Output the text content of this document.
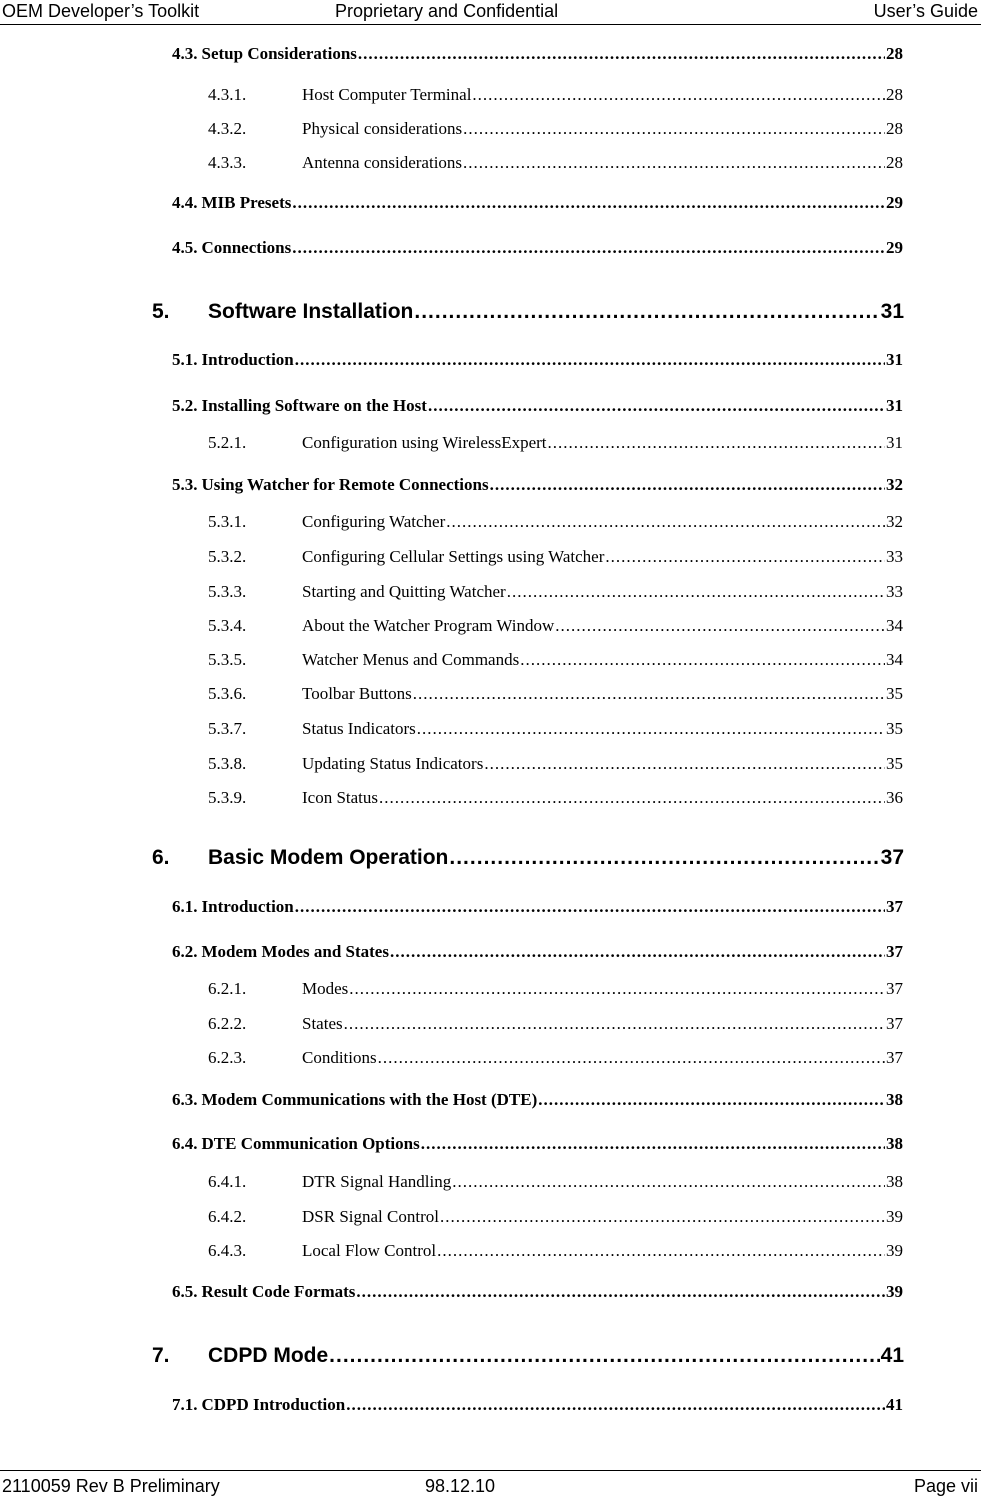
OEM Developer’s Toolkit	Proprietary and Confidential	User’s Guide
4.3. Setup Considerations .....	28
4.3.1.	Host Computer Terminal .....	28
4.3.2.	Physical considerations .....	28
4.3.3.	Antenna considerations .....	28
4.4. MIB Presets .....	29
4.5. Connections .....	29
5.	Software Installation .....	31
5.1. Introduction .....	31
5.2. Installing Software on the Host .....	31
5.2.1.	Configuration using WirelessExpert .....	31
5.3. Using Watcher for Remote Connections .....	32
5.3.1.	Configuring Watcher .....	32
5.3.2.	Configuring Cellular Settings using Watcher .....	33
5.3.3.	Starting and Quitting Watcher .....	33
5.3.4.	About the Watcher Program Window .....	34
5.3.5.	Watcher Menus and Commands .....	34
5.3.6.	Toolbar Buttons .....	35
5.3.7.	Status Indicators .....	35
5.3.8.	Updating Status Indicators .....	35
5.3.9.	Icon Status .....	36
6.	Basic Modem Operation .....	37
6.1. Introduction .....	37
6.2. Modem Modes and States .....	37
6.2.1.	Modes .....	37
6.2.2.	States .....	37
6.2.3.	Conditions .....	37
6.3. Modem Communications with the Host (DTE) .....	38
6.4. DTE Communication Options .....	38
6.4.1.	DTR Signal Handling .....	38
6.4.2.	DSR Signal Control .....	39
6.4.3.	Local Flow Control .....	39
6.5. Result Code Formats .....	39
7.	CDPD Mode .....	41
7.1. CDPD Introduction .....	41
2110059 Rev B Preliminary	98.12.10	Page vii
